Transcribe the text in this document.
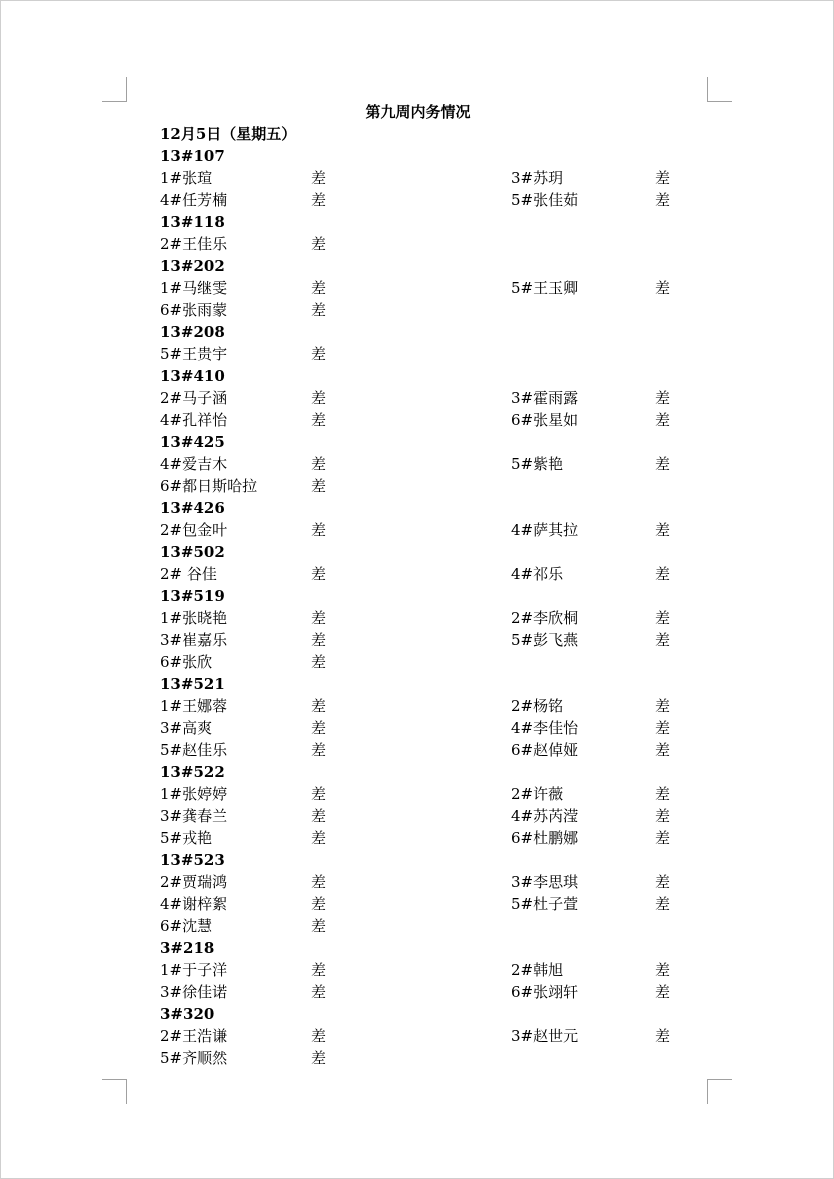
第九周内务情况
12月5日（星期五）
13#107
1#张瑄	差	3#苏玥	差
4#任芳楠	差	5#张佳茹	差
13#118
2#王佳乐	差
13#202
1#马继雯	差	5#王玉卿	差
6#张雨蒙	差
13#208
5#王贵宇	差
13#410
2#马子涵	差	3#霍雨露	差
4#孔祥怡	差	6#张星如	差
13#425
4#爱吉木	差	5#紫艳	差
6#都日斯哈拉	差
13#426
2#包金叶	差	4#萨其拉	差
13#502
2# 谷佳	差	4#祁乐	差
13#519
1#张晓艳	差	2#李欣桐	差
3#崔嘉乐	差	5#彭飞燕	差
6#张欣	差
13#521
1#王娜蓉	差	2#杨铭	差
3#高爽	差	4#李佳怡	差
5#赵佳乐	差	6#赵倬娅	差
13#522
1#张婷婷	差	2#许薇	差
3#龚春兰	差	4#苏芮滢	差
5#戎艳	差	6#杜鹏娜	差
13#523
2#贾瑞鸿	差	3#李思琪	差
4#谢梓絮	差	5#杜子萱	差
6#沈慧	差
3#218
1#于子洋	差	2#韩旭	差
3#徐佳诺	差	6#张翊轩	差
3#320
2#王浩谦	差	3#赵世元	差
5#齐顺然	差
